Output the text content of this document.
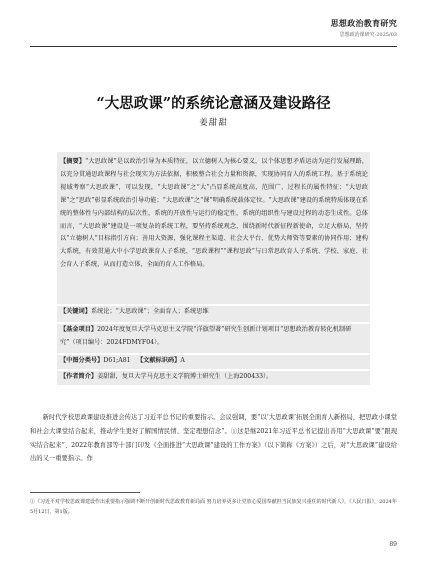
思想政治教育研究
思想政治课研究·2025/03
“大思政课”的系统论意涵及建设路径
姜甜甜

【摘要】“大思政课”是以政治引导为本质特征，以立德树人为核心要义，以个体思想矛盾运动为运行发展理路，以充分贯通思政课程与社会现实为方法依据，积极整合社会力量和资源，实现协同育人的系统工程。基于系统论视域考察“大思政课”，可以发现，“大思政课”之“大”凸显系统高度高、范围广、过程长的属性特征；“大思政课”之“思政”彰显系统政治引导功能；“大思政课”之“课”明确系统载体定位。“大思政课”建设的系统特质体现在系统的整体性与内部结构的层次性，系统的开放性与运行的稳定性，系统的组织性与建设过程的动态生成性。总体而言，“大思政课”建设是一项复杂的系统工程，要坚持系统观念，围绕新时代新征程新使命，立足大格局，坚持以“立德树人”目标指引方向；善用大资源，强化课程主渠道、社会大平台、优势大师资等要素的协同作用；建构大系统，有效贯通大中小学思政课育人子系统、“思政课程”“课程思政”与日常思政育人子系统、学校、家庭、社会育人子系统，从而打造立体、全面的育人工作格局。

【关键词】系统论；“大思政课”；全面育人；系统思维
【基金项目】2024年度复旦大学马克思主义学院“洋旗望著”研究生创新计划项目“思想政治教育转化机制研究”（项目编号：2024FDMYF04）。
【中图分类号】D61;A81 【文献标识码】A
【作者简介】姜甜甜，复旦大学马克思主义学院博士研究生（上海200433）。

新时代学校思政课建设推进会传达了习近平总书记的重要指示。会议强调，要“以‘大思政课’拓展全面育人新格局，把思政小课堂和社会大课堂结合起来，推动学生更好了解国情民情、坚定理想信念”。①这是继2021年习近平总书记提出善用“大思政课”要“跟现实结合起来”、2022年教育部等十部门印发《全面推进“大思政课”建设的工作方案》（以下简称《方案》）之后，对“大思政课”建设给出的又一重要指示。作

①《习近平对学校思政课建设作出重要指示强调不断开创新时代思政教育新局面 努力培养更多让党放心爱国奉献担当民族复兴重任的时代新人》，《人民日报》，2024年5月12日，第1版。

89
